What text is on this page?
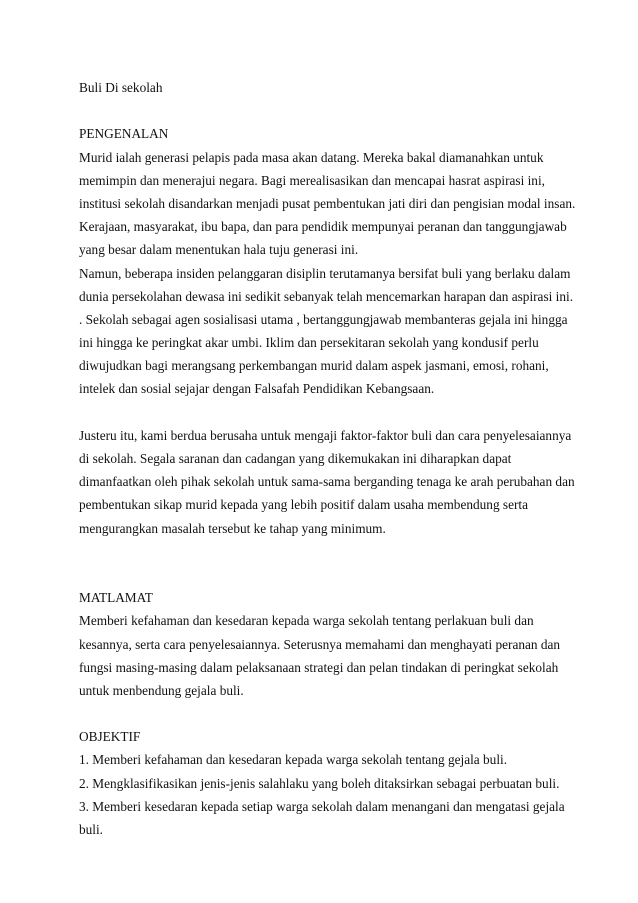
Buli Di sekolah
PENGENALAN
Murid ialah generasi pelapis pada masa akan datang. Mereka bakal diamanahkan untuk
memimpin dan menerajui negara. Bagi merealisasikan dan mencapai hasrat aspirasi ini,
institusi sekolah disandarkan menjadi pusat pembentukan jati diri dan pengisian modal insan.
Kerajaan, masyarakat, ibu bapa, dan para pendidik mempunyai peranan dan tanggungjawab
yang besar dalam menentukan hala tuju generasi ini.
Namun, beberapa insiden pelanggaran disiplin terutamanya bersifat buli yang berlaku dalam
dunia persekolahan dewasa ini sedikit sebanyak telah mencemarkan harapan dan aspirasi ini.
. Sekolah sebagai agen sosialisasi utama , bertanggungjawab membanteras gejala ini hingga
ini hingga ke peringkat akar umbi. Iklim dan persekitaran sekolah yang kondusif perlu
diwujudkan bagi merangsang perkembangan murid dalam aspek jasmani, emosi, rohani,
intelek dan sosial sejajar dengan Falsafah Pendidikan Kebangsaan.
Justeru itu, kami berdua berusaha untuk mengaji faktor-faktor buli dan cara penyelesaiannya
di sekolah. Segala saranan dan cadangan yang dikemukakan ini diharapkan dapat
dimanfaatkan oleh pihak sekolah untuk sama-sama berganding tenaga ke arah perubahan dan
pembentukan sikap murid kepada yang lebih positif dalam usaha membendung serta
mengurangkan masalah tersebut ke tahap yang minimum.
MATLAMAT
Memberi kefahaman dan kesedaran kepada warga sekolah tentang perlakuan buli dan
kesannya, serta cara penyelesaiannya. Seterusnya memahami dan menghayati peranan dan
fungsi masing-masing dalam pelaksanaan strategi dan pelan tindakan di peringkat sekolah
untuk menbendung gejala buli.
OBJEKTIF
1. Memberi kefahaman dan kesedaran kepada warga sekolah tentang gejala buli.
2. Mengklasifikasikan jenis-jenis salahlaku yang boleh ditaksirkan sebagai perbuatan buli.
3. Memberi kesedaran kepada setiap warga sekolah dalam menangani dan mengatasi gejala
buli.
